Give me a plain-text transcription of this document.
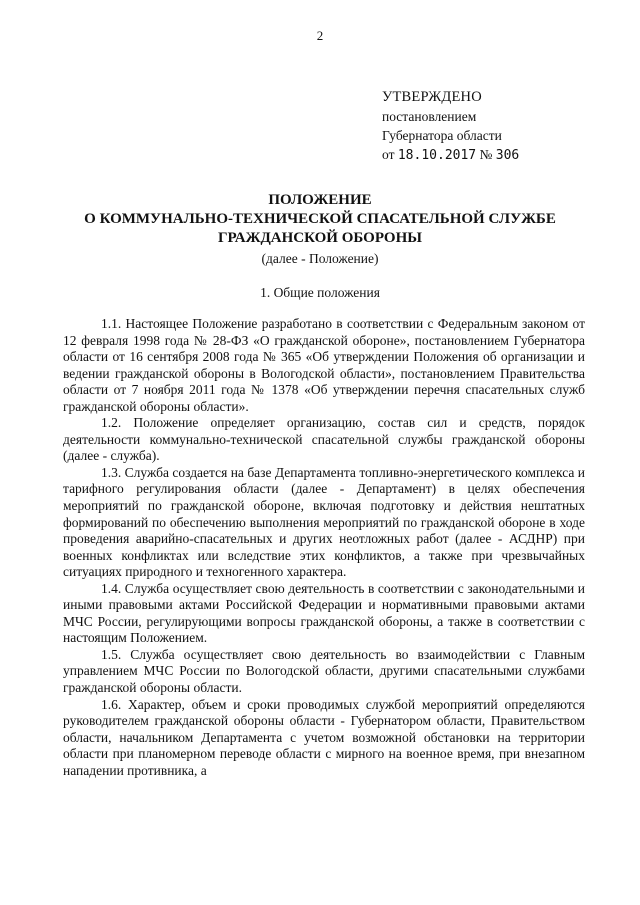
2
УТВЕРЖДЕНО
постановлением
Губернатора области
от 18.10.2017 № 306
ПОЛОЖЕНИЕ
О КОММУНАЛЬНО-ТЕХНИЧЕСКОЙ СПАСАТЕЛЬНОЙ СЛУЖБЕ
ГРАЖДАНСКОЙ ОБОРОНЫ
(далее - Положение)
1. Общие положения

1.1. Настоящее Положение разработано в соответствии с Федеральным законом от 12 февраля 1998 года № 28-ФЗ «О гражданской обороне», постановлением Губернатора области от 16 сентября 2008 года № 365 «Об утверждении Положения об организации и ведении гражданской обороны в Вологодской области», постановлением Правительства области от 7 ноября 2011 года № 1378 «Об утверждении перечня спасательных служб гражданской обороны области».

1.2. Положение определяет организацию, состав сил и средств, порядок деятельности коммунально-технической спасательной службы гражданской обороны (далее - служба).

1.3. Служба создается на базе Департамента топливно-энергетического комплекса и тарифного регулирования области (далее - Департамент) в целях обеспечения мероприятий по гражданской обороне, включая подготовку и действия нештатных формирований по обеспечению выполнения мероприятий по гражданской обороне в ходе проведения аварийно-спасательных и других неотложных работ (далее - АСДНР) при военных конфликтах или вследствие этих конфликтов, а также при чрезвычайных ситуациях природного и техногенного характера.

1.4. Служба осуществляет свою деятельность в соответствии с законодательными и иными правовыми актами Российской Федерации и нормативными правовыми актами МЧС России, регулирующими вопросы гражданской обороны, а также в соответствии с настоящим Положением.

1.5. Служба осуществляет свою деятельность во взаимодействии с Главным управлением МЧС России по Вологодской области, другими спасательными службами гражданской обороны области.

1.6. Характер, объем и сроки проводимых службой мероприятий определяются руководителем гражданской обороны области - Губернатором области, Правительством области, начальником Департамента с учетом возможной обстановки на территории области при планомерном переводе области с мирного на военное время, при внезапном нападении противника, а
